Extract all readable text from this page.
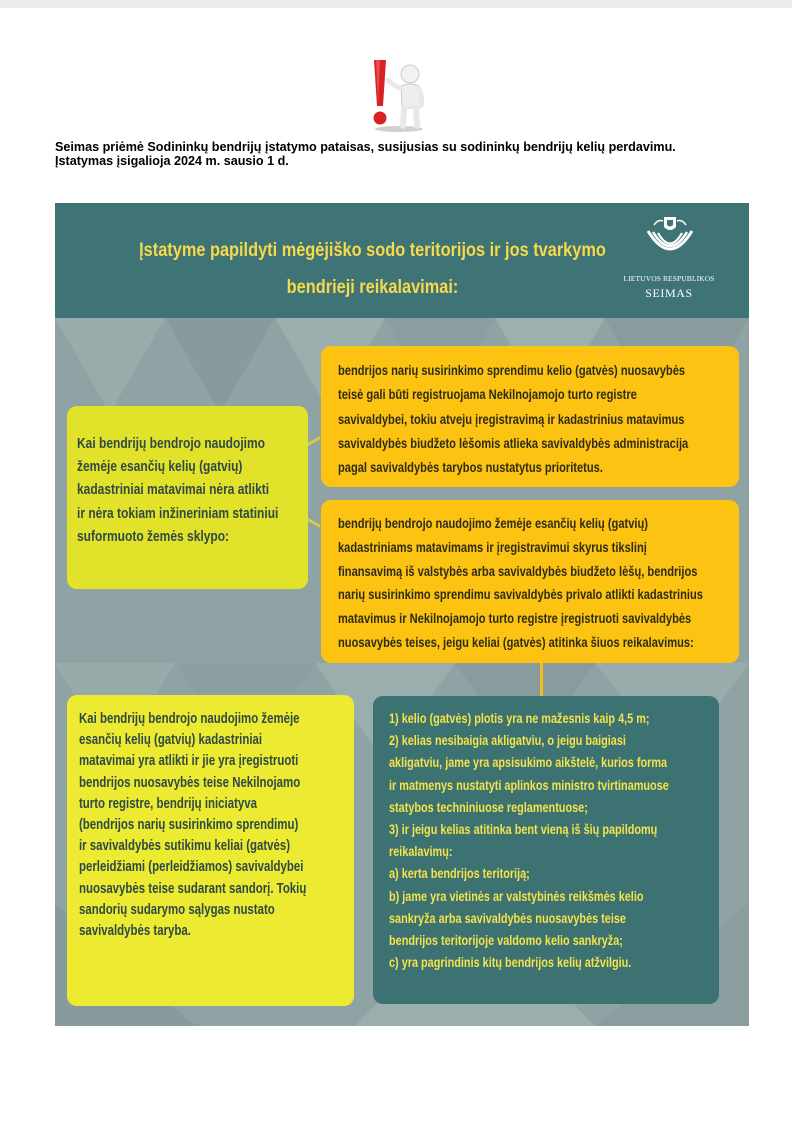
Seimas priėmė Sodininkų bendrijų įstatymo pataisas, susijusias su sodininkų bendrijų kelių perdavimu.

Įstatymas įsigalioja 2024 m. sausio 1 d.

Įstatyme papildyti mėgėjiško sodo teritorijos ir jos tvarkymo
bendrieji reikalavimai:	LIETUVOS RESPUBLIKOS
SEIMAS
Kai bendrijų bendrojo naudojimo
žemėje esančių kelių (gatvių)
kadastriniai matavimai nėra atlikti
ir nėra tokiam inžineriniam statiniui
suformuoto žemės sklypo:
bendrijos narių susirinkimo sprendimu kelio (gatvės) nuosavybės
teisė gali būti registruojama Nekilnojamojo turto registre
savivaldybei, tokiu atveju įregistravimą ir kadastrinius matavimus
savivaldybės biudžeto lėšomis atlieka savivaldybės administracija
pagal savivaldybės tarybos nustatytus prioritetus.
bendrijų bendrojo naudojimo žemėje esančių kelių (gatvių)
kadastriniams matavimams ir įregistravimui skyrus tikslinį
finansavimą iš valstybės arba savivaldybės biudžeto lėšų, bendrijos
narių susirinkimo sprendimu savivaldybės privalo atlikti kadastrinius
matavimus ir Nekilnojamojo turto registre įregistruoti savivaldybės
nuosavybės teises, jeigu keliai (gatvės) atitinka šiuos reikalavimus:
Kai bendrijų bendrojo naudojimo žemėje
esančių kelių (gatvių) kadastriniai
matavimai yra atlikti ir jie yra įregistruoti
bendrijos nuosavybės teise Nekilnojamo
turto registre, bendrijų iniciatyva
(bendrijos narių susirinkimo sprendimu)
ir savivaldybės sutikimu keliai (gatvės)
perleidžiami (perleidžiamos) savivaldybei
nuosavybės teise sudarant sandorį. Tokių
sandorių sudarymo sąlygas nustato
savivaldybės taryba.
1) kelio (gatvės) plotis yra ne mažesnis kaip 4,5 m;
2) kelias nesibaigia akligatviu, o jeigu baigiasi
akligatviu, jame yra apsisukimo aikštelė, kurios forma
ir matmenys nustatyti aplinkos ministro tvirtinamuose
statybos techniniuose reglamentuose;
3) ir jeigu kelias atitinka bent vieną iš šių papildomų
reikalavimų:
a) kerta bendrijos teritoriją;
b) jame yra vietinės ar valstybinės reikšmės kelio
sankryža arba savivaldybės nuosavybės teise
bendrijos teritorijoje valdomo kelio sankryža;
c) yra pagrindinis kitų bendrijos kelių atžvilgiu.
